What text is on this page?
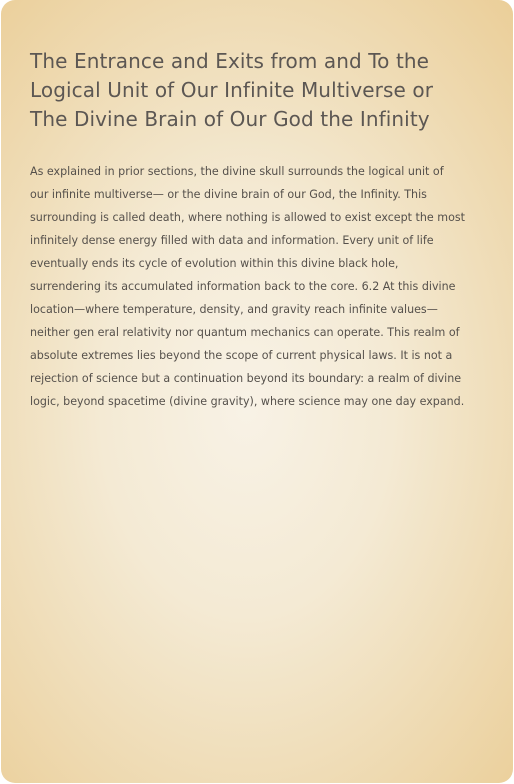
The Entrance and Exits from and To the
Logical Unit of Our Infinite Multiverse or
The Divine Brain of Our God the Infinity

As explained in prior sections, the divine skull surrounds the logical unit of
our infinite multiverse— or the divine brain of our God, the Infinity. This
surrounding is called death, where nothing is allowed to exist except the most
infinitely dense energy filled with data and information. Every unit of life
eventually ends its cycle of evolution within this divine black hole,
surrendering its accumulated information back to the core. 6.2 At this divine
location—where temperature, density, and gravity reach infinite values—
neither gen eral relativity nor quantum mechanics can operate. This realm of
absolute extremes lies beyond the scope of current physical laws. It is not a
rejection of science but a continuation beyond its boundary: a realm of divine
logic, beyond spacetime (divine gravity), where science may one day expand.
